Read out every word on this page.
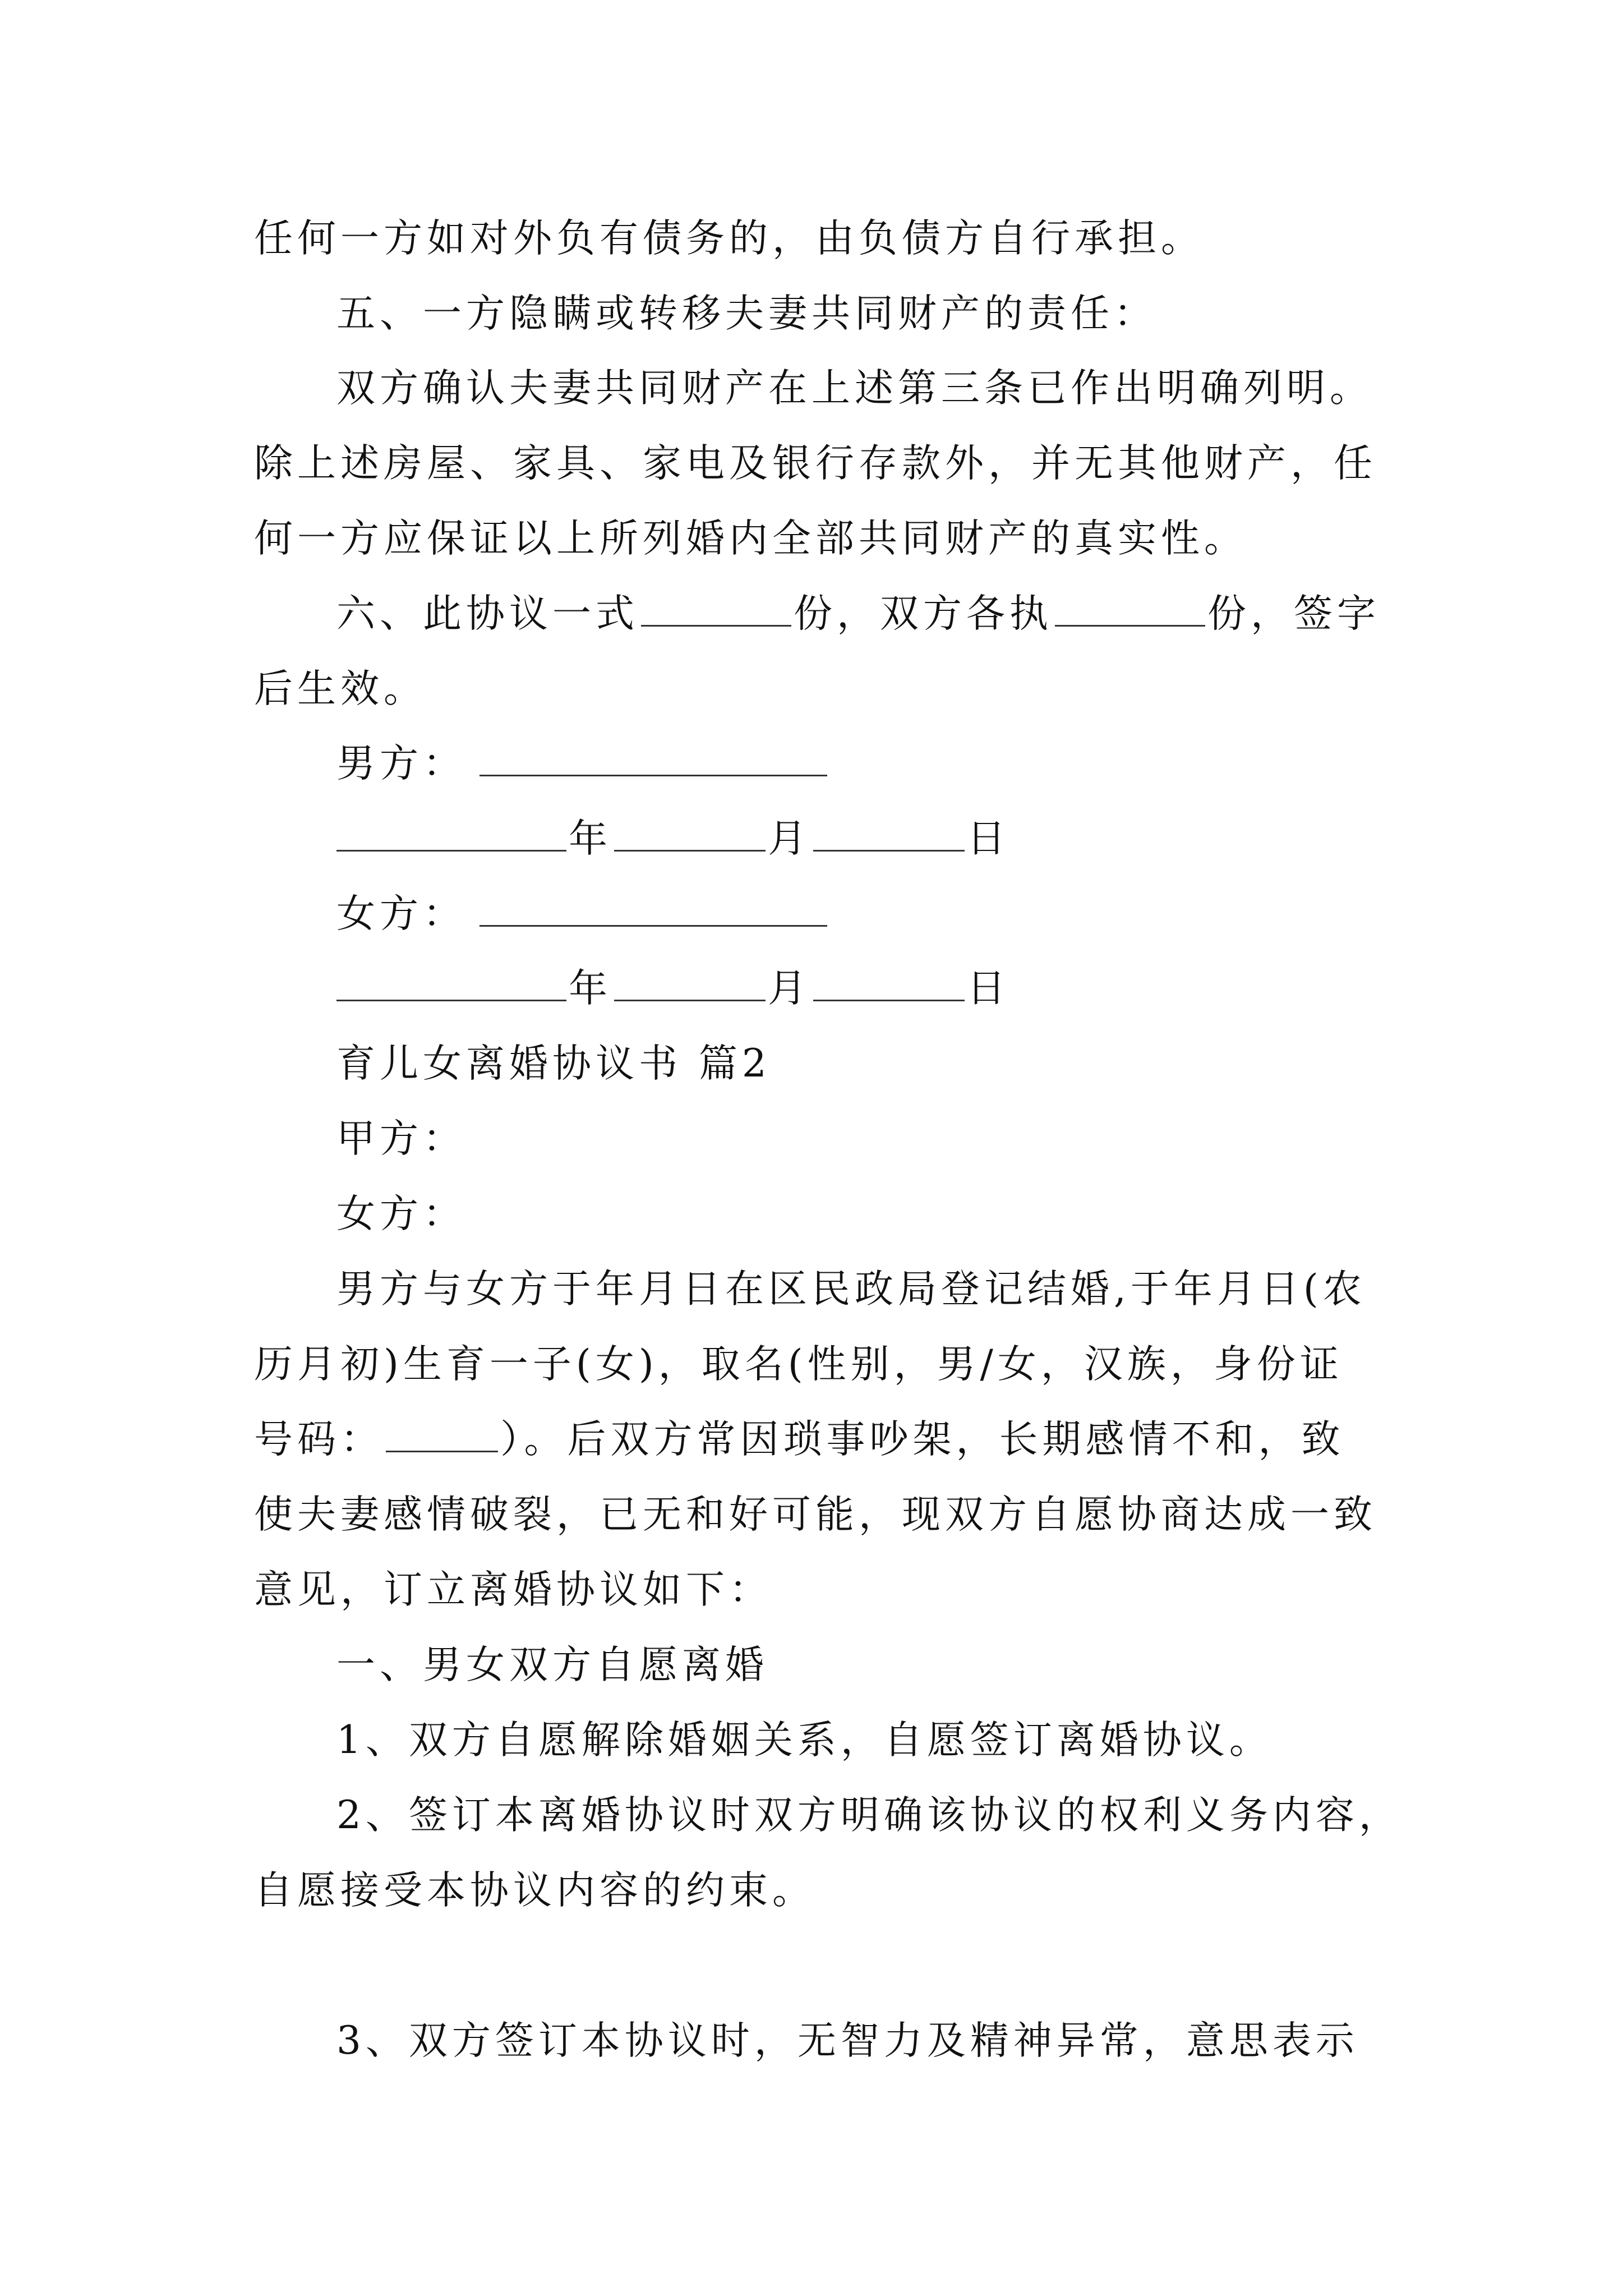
任何一方如对外负有债务的，由负债方自行承担。
五、一方隐瞒或转移夫妻共同财产的责任：
双方确认夫妻共同财产在上述第三条已作出明确列明。
除上述房屋、家具、家电及银行存款外，并无其他财产，任
何一方应保证以上所列婚内全部共同财产的真实性。
六、此协议一式	份，双方各执	份，签字
后生效。
男方：
年	月	日
女方：
年	月	日
育儿女离婚协议书 篇2
甲方：
女方：
男方与女方于年月日在区民政局登记结婚,于年月日(农
历月初)生育一子(女)，取名(性别，男/女，汉族，身份证
号码：	）。后双方常因琐事吵架，长期感情不和，致
使夫妻感情破裂，已无和好可能，现双方自愿协商达成一致
意见，订立离婚协议如下：
一、男女双方自愿离婚
1、双方自愿解除婚姻关系，自愿签订离婚协议。
2、签订本离婚协议时双方明确该协议的权利义务内容，
自愿接受本协议内容的约束。
3、双方签订本协议时，无智力及精神异常，意思表示
